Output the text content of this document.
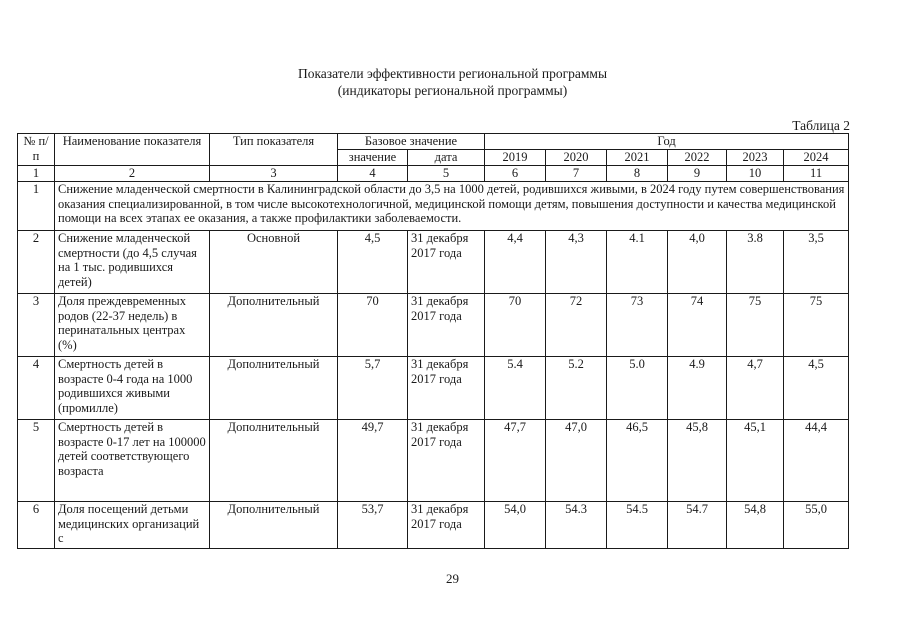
Показатели эффективности региональной программы
(индикаторы региональной программы)
Таблица 2
№ п/п	Наименование показателя	Тип показателя	Базовое значение		Год					
			значение	дата	2019	2020	2021	2022	2023	2024
1	2	3	4	5	6	7	8	9	10	11
1	Снижение младенческой смертности в Калининградской области до 3,5 на 1000 детей, родившихся живыми, в 2024 году путем совершенствования оказания специализированной, в том числе высокотехнологичной, медицинской помощи детям, повышения доступности и качества медицинской помощи на всех этапах ее оказания, а также профилактики заболеваемости.									
2	Снижение младенческой смертности (до 4,5 случая на 1 тыс. родившихся детей)	Основной	4,5	31 декабря 2017 года	4,4	4,3	4.1	4,0	3.8	3,5
3	Доля преждевременных родов (22-37 недель) в перинатальных центрах (%)	Дополнительный	70	31 декабря 2017 года	70	72	73	74	75	75
4	Смертность детей в возрасте 0-4 года на 1000 родившихся живыми (промилле)	Дополнительный	5,7	31 декабря 2017 года	5.4	5.2	5.0	4.9	4,7	4,5
5	Смертность детей в возрасте 0-17 лет на 100000 детей соответствующего возраста	Дополнительный	49,7	31 декабря 2017 года	47,7	47,0	46,5	45,8	45,1	44,4
6	Доля посещений детьми медицинских организаций с	Дополнительный	53,7	31 декабря 2017 года	54,0	54.3	54.5	54.7	54,8	55,0
29
